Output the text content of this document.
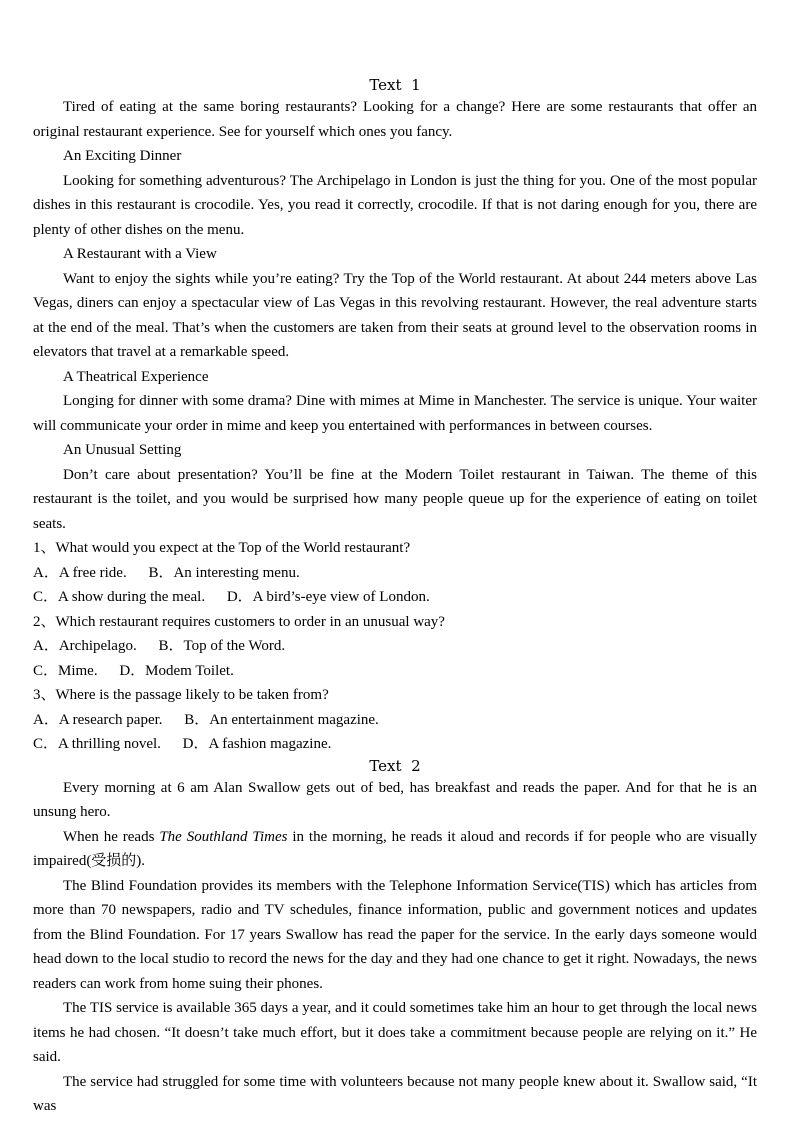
Text  1

Tired of eating at the same boring restaurants? Looking for a change? Here are some restaurants that offer an original restaurant experience. See for yourself which ones you fancy.

An Exciting Dinner

Looking for something adventurous? The Archipelago in London is just the thing for you. One of the most popular dishes in this restaurant is crocodile. Yes, you read it correctly, crocodile. If that is not daring enough for you, there are plenty of other dishes on the menu.

A Restaurant with a View

Want to enjoy the sights while you’re eating? Try the Top of the World restaurant. At about 244 meters above Las Vegas, diners can enjoy a spectacular view of Las Vegas in this revolving restaurant. However, the real adventure starts at the end of the meal. That’s when the customers are taken from their seats at ground level to the observation rooms in elevators that travel at a remarkable speed.

A Theatrical Experience

Longing for dinner with some drama? Dine with mimes at Mime in Manchester. The service is unique. Your waiter will communicate your order in mime and keep you entertained with performances in between courses.

An Unusual Setting

Don’t care about presentation? You’ll be fine at the Modern Toilet restaurant in Taiwan. The theme of this restaurant is the toilet, and you would be surprised how many people queue up for the experience of eating on toilet seats.

1、What would you expect at the Top of the World restaurant?
A．A free ride. B．An interesting menu.
C．A show during the meal. D．A bird’s-eye view of London.
2、Which restaurant requires customers to order in an unusual way?
A．Archipelago. B．Top of the Word.
C．Mime. D．Modem Toilet.
3、Where is the passage likely to be taken from?
A．A research paper. B．An entertainment magazine.
C．A thrilling novel. D．A fashion magazine.
Text  2

Every morning at 6 am Alan Swallow gets out of bed, has breakfast and reads the paper. And for that he is an unsung hero.

When he reads The Southland Times in the morning, he reads it aloud and records if for people who are visually impaired(受损的).

The Blind Foundation provides its members with the Telephone Information Service(TIS) which has articles from more than 70 newspapers, radio and TV schedules, finance information, public and government notices and updates from the Blind Foundation. For 17 years Swallow has read the paper for the service. In the early days someone would head down to the local studio to record the news for the day and they had one chance to get it right. Nowadays, the news readers can work from home suing their phones.

The TIS service is available 365 days a year, and it could sometimes take him an hour to get through the local news items he had chosen. “It doesn’t take much effort, but it does take a commitment because people are relying on it.” He said.

The service had struggled for some time with volunteers because not many people knew about it. Swallow said, “It was
